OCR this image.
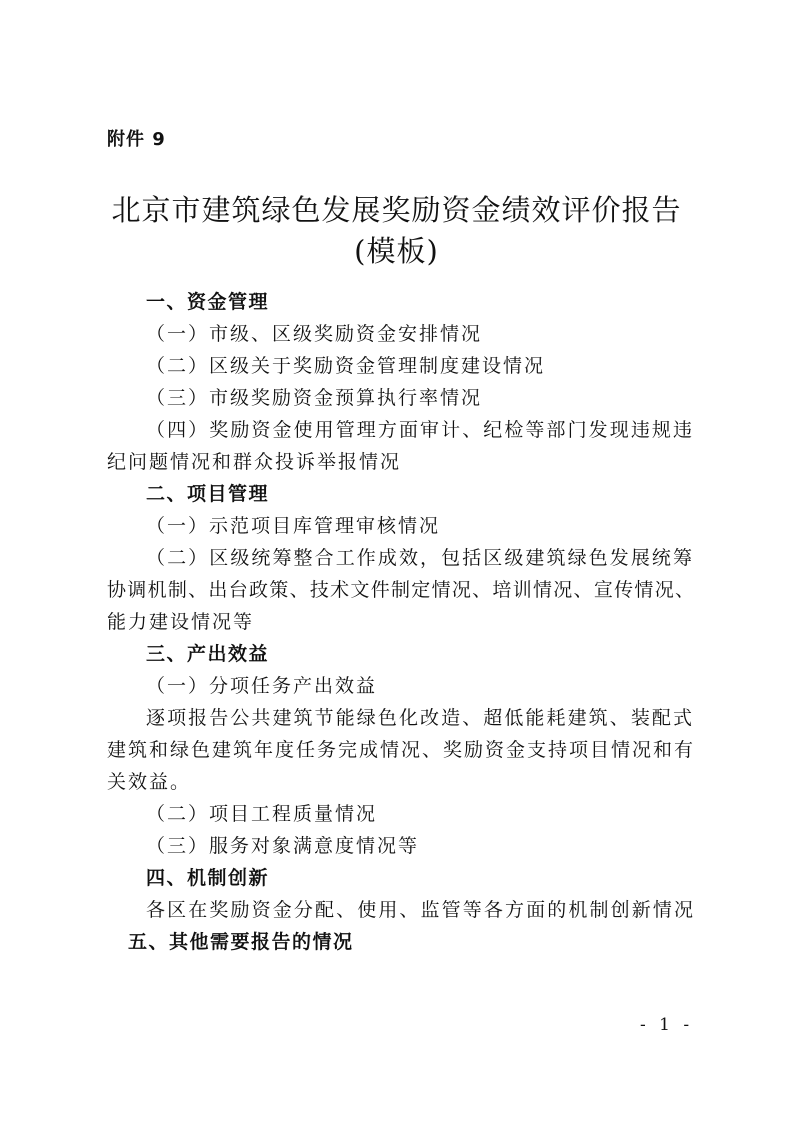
附件 9
北京市建筑绿色发展奖励资金绩效评价报告
(模板)
一、资金管理
（一）市级、区级奖励资金安排情况
（二）区级关于奖励资金管理制度建设情况
（三）市级奖励资金预算执行率情况
（四）奖励资金使用管理方面审计、纪检等部门发现违规违
纪问题情况和群众投诉举报情况
二、项目管理
（一）示范项目库管理审核情况
（二）区级统筹整合工作成效，包括区级建筑绿色发展统筹
协调机制、出台政策、技术文件制定情况、培训情况、宣传情况、
能力建设情况等
三、产出效益
（一）分项任务产出效益
逐项报告公共建筑节能绿色化改造、超低能耗建筑、装配式
建筑和绿色建筑年度任务完成情况、奖励资金支持项目情况和有
关效益。
（二）项目工程质量情况
（三）服务对象满意度情况等
四、机制创新
各区在奖励资金分配、使用、监管等各方面的机制创新情况
五、其他需要报告的情况
- 1 -
